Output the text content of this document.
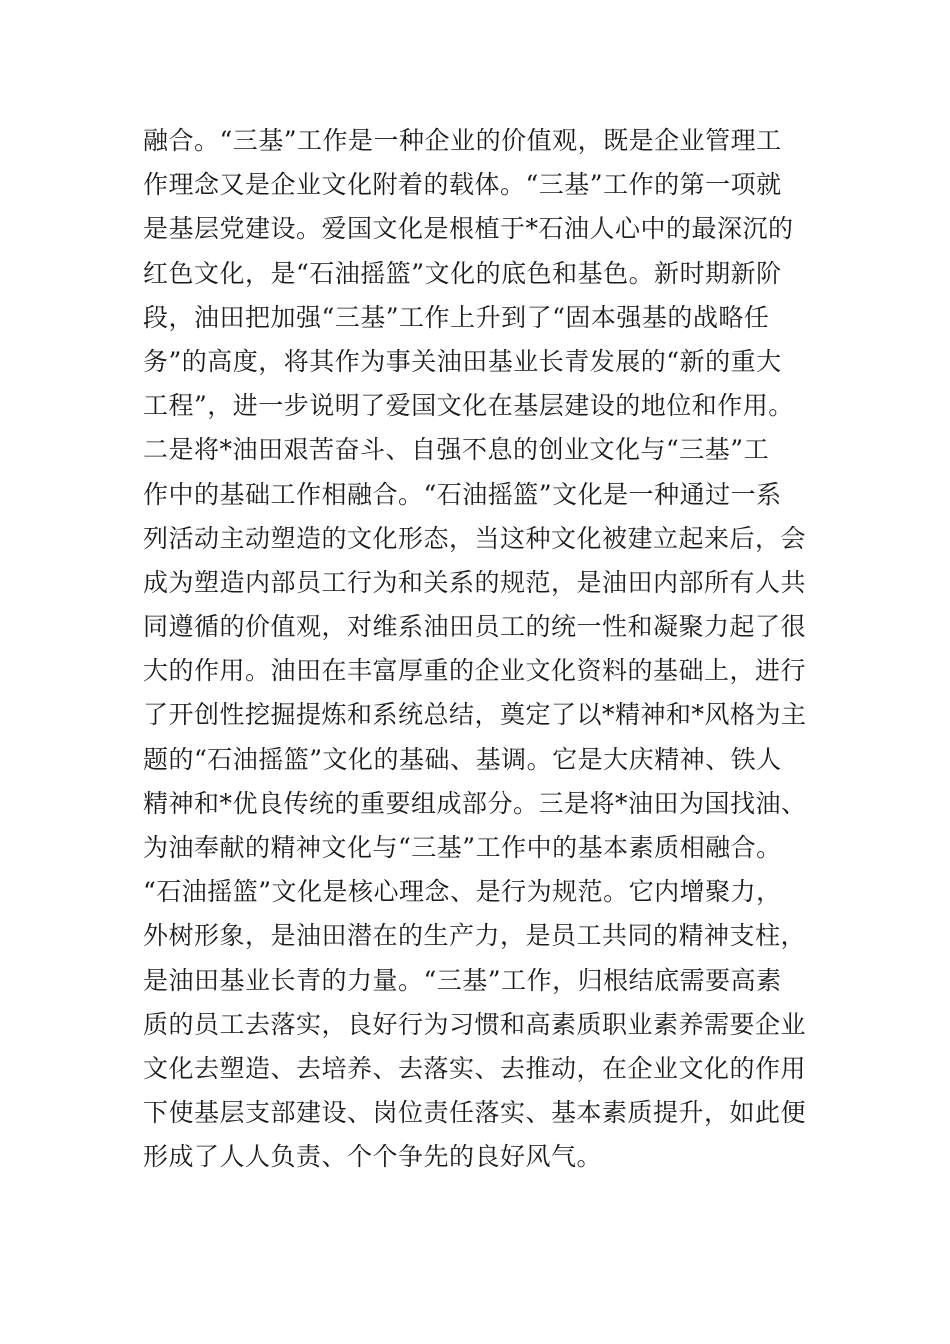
融合。“三基”工作是一种企业的价值观，既是企业管理工
作理念又是企业文化附着的载体。“三基”工作的第一项就
是基层党建设。爱国文化是根植于*石油人心中的最深沉的
红色文化，是“石油摇篮”文化的底色和基色。新时期新阶
段，油田把加强“三基”工作上升到了“固本强基的战略任
务”的高度，将其作为事关油田基业长青发展的“新的重大
工程”，进一步说明了爱国文化在基层建设的地位和作用。
二是将*油田艰苦奋斗、自强不息的创业文化与“三基”工
作中的基础工作相融合。“石油摇篮”文化是一种通过一系
列活动主动塑造的文化形态，当这种文化被建立起来后，会
成为塑造内部员工行为和关系的规范，是油田内部所有人共
同遵循的价值观，对维系油田员工的统一性和凝聚力起了很
大的作用。油田在丰富厚重的企业文化资料的基础上，进行
了开创性挖掘提炼和系统总结，奠定了以*精神和*风格为主
题的“石油摇篮”文化的基础、基调。它是大庆精神、铁人
精神和*优良传统的重要组成部分。三是将*油田为国找油、
为油奉献的精神文化与“三基”工作中的基本素质相融合。
“石油摇篮”文化是核心理念、是行为规范。它内增聚力，
外树形象，是油田潜在的生产力，是员工共同的精神支柱，
是油田基业长青的力量。“三基”工作，归根结底需要高素
质的员工去落实，良好行为习惯和高素质职业素养需要企业
文化去塑造、去培养、去落实、去推动，在企业文化的作用
下使基层支部建设、岗位责任落实、基本素质提升，如此便
形成了人人负责、个个争先的良好风气。
